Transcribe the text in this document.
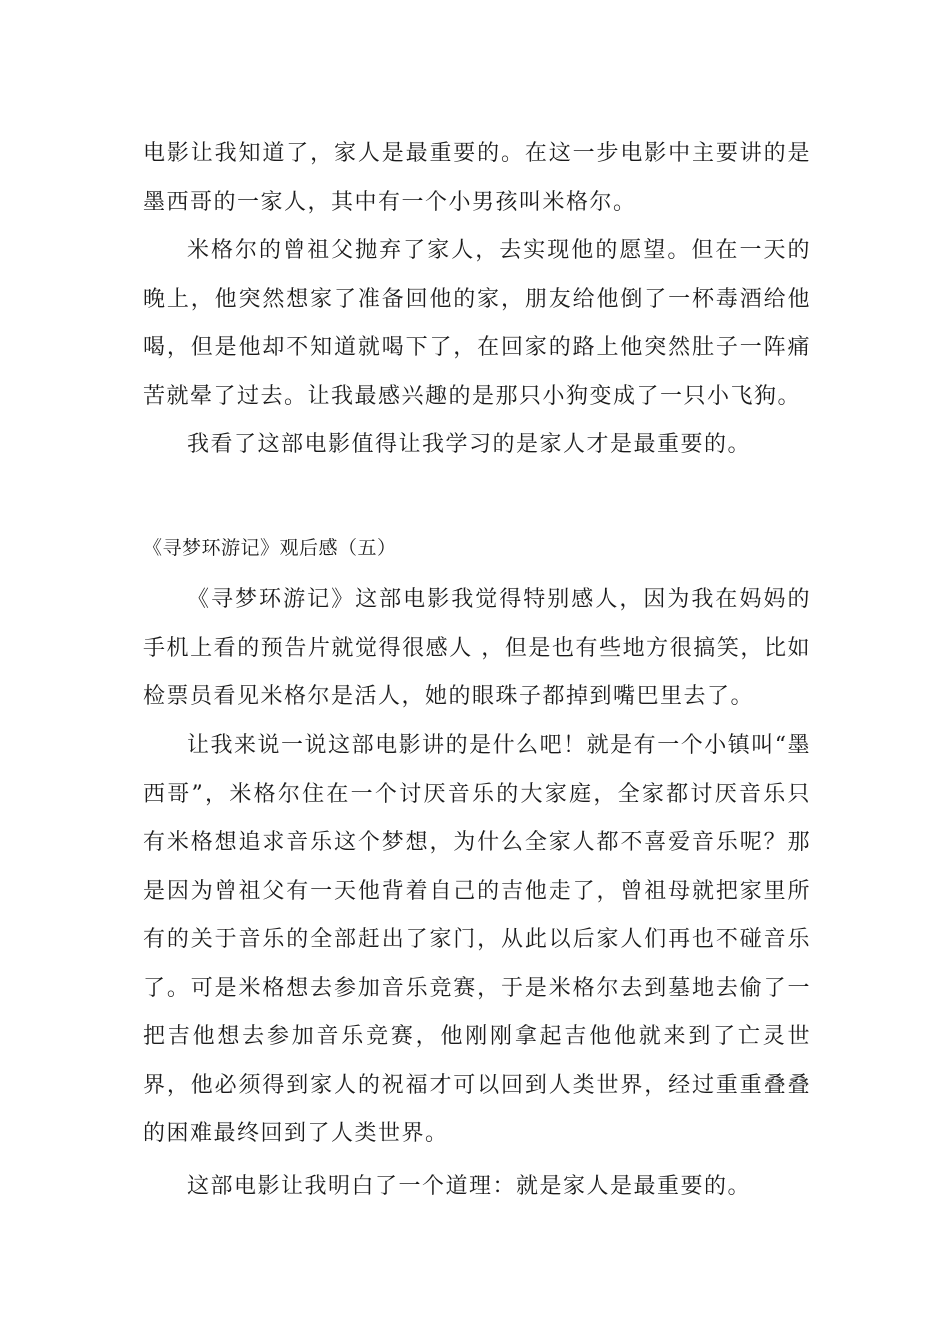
电影让我知道了，家人是最重要的。在这一步电影中主要讲的是墨西哥的一家人，其中有一个小男孩叫米格尔。

米格尔的曾祖父抛弃了家人，去实现他的愿望。但在一天的晚上，他突然想家了准备回他的家，朋友给他倒了一杯毒酒给他喝，但是他却不知道就喝下了，在回家的路上他突然肚子一阵痛苦就晕了过去。让我最感兴趣的是那只小狗变成了一只小飞狗。

我看了这部电影值得让我学习的是家人才是最重要的。

《寻梦环游记》观后感（五）

《寻梦环游记》这部电影我觉得特别感人，因为我在妈妈的手机上看的预告片就觉得很感人 ，但是也有些地方很搞笑，比如检票员看见米格尔是活人，她的眼珠子都掉到嘴巴里去了。

让我来说一说这部电影讲的是什么吧！就是有一个小镇叫“墨西哥”，米格尔住在一个讨厌音乐的大家庭，全家都讨厌音乐只有米格想追求音乐这个梦想，为什么全家人都不喜爱音乐呢？那是因为曾祖父有一天他背着自己的吉他走了，曾祖母就把家里所有的关于音乐的全部赶出了家门，从此以后家人们再也不碰音乐了。可是米格想去参加音乐竞赛，于是米格尔去到墓地去偷了一把吉他想去参加音乐竞赛，他刚刚拿起吉他他就来到了亡灵世界，他必须得到家人的祝福才可以回到人类世界，经过重重叠叠的困难最终回到了人类世界。

这部电影让我明白了一个道理：就是家人是最重要的。
